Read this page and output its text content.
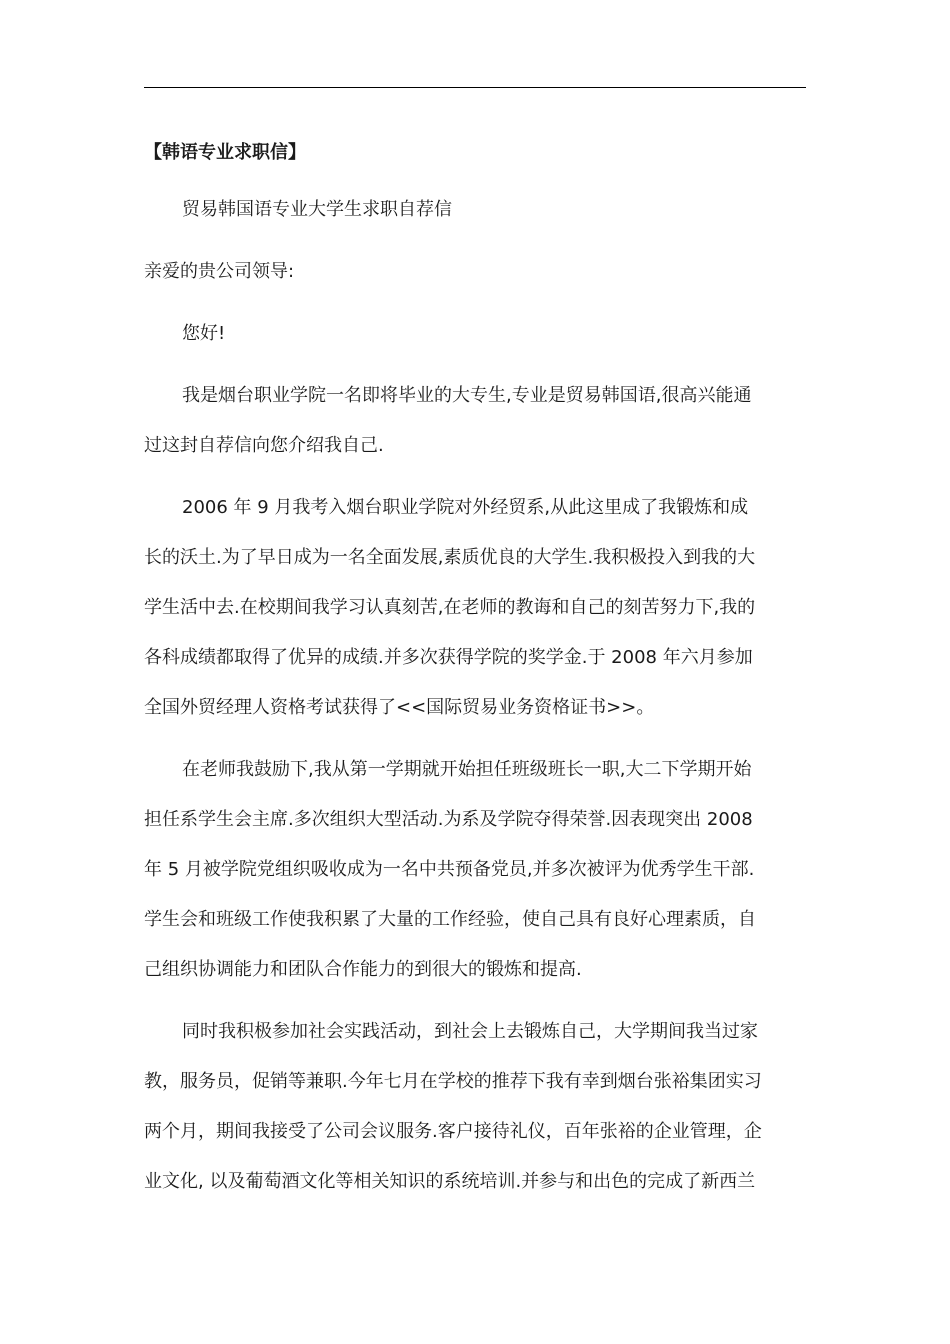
【韩语专业求职信】

贸易韩国语专业大学生求职自荐信

亲爱的贵公司领导:

您好!

我是烟台职业学院一名即将毕业的大专生,专业是贸易韩国语,很高兴能通

过这封自荐信向您介绍我自己.

2006 年 9 月我考入烟台职业学院对外经贸系,从此这里成了我锻炼和成

长的沃土.为了早日成为一名全面发展,素质优良的大学生.我积极投入到我的大

学生活中去.在校期间我学习认真刻苦,在老师的教诲和自己的刻苦努力下,我的

各科成绩都取得了优异的成绩.并多次获得学院的奖学金.于 2008 年六月参加

全国外贸经理人资格考试获得了<<国际贸易业务资格证书>>。

在老师我鼓励下,我从第一学期就开始担任班级班长一职,大二下学期开始

担任系学生会主席.多次组织大型活动.为系及学院夺得荣誉.因表现突出 2008

年 5 月被学院党组织吸收成为一名中共预备党员,并多次被评为优秀学生干部.

学生会和班级工作使我积累了大量的工作经验，使自己具有良好心理素质，自

己组织协调能力和团队合作能力的到很大的锻炼和提高.

同时我积极参加社会实践活动，到社会上去锻炼自己，大学期间我当过家

教，服务员，促销等兼职.今年七月在学校的推荐下我有幸到烟台张裕集团实习

两个月，期间我接受了公司会议服务.客户接待礼仪，百年张裕的企业管理，企

业文化, 以及葡萄酒文化等相关知识的系统培训.并参与和出色的完成了新西兰
